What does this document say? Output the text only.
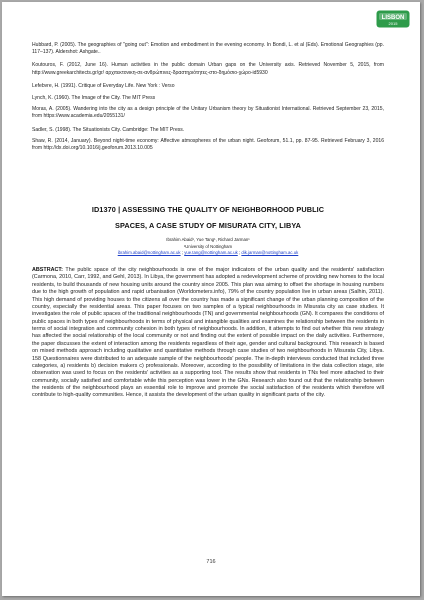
LISBON
2015

Hubbard, P. (2005). The geographies of "going out": Emotion and embodiment in the evening economy. In Bondi, L. et al (Eds). Emotional Geographies (pp. 117–137). Aldershot: Ashgate..

Koutouros, F. (2012, June 16). Human activities in the public domain Urban gaps on the University axis. Retrieved November 5, 2015, from http://www.greekarchitects.gr/gr/ αρχιτεκτονικη-σε-ανθρώπινες-δραστηριότητες-στο-δημόσιο-χώρο-id5930

Lefebvre, H. (1991). Critique of Everyday Life. New York : Verso

Lynch, K. (1960). The Image of the City. The MIT Press

Moras, A. (2005). Wandering into the city as a design principle of the Unitary Urbanism theory by Situationist International. Retrieved September 23, 2015, from https://www.academia.edu/2055131/

Sadler, S. (1998). The Situationists City. Cambridge: The MIT Press.

Shaw, R. (2014, January). Beyond night-time economy: Affective atmospheres of the urban night. Geoforum, 51.1, pp. 87-95. Retrieved February 3, 2016 from http://dx.doi.org/10.1016/j.geoforum.2013.10.005

ID1370 | ASSESSING THE QUALITY OF NEIGHBORHOOD PUBLIC
SPACES, A CASE STUDY OF MISURATA CITY, LIBYA
Ibrahim Abaid¹, Yue Tang¹, Richard Jarman¹
¹University of Nottingham
ibrahim.abaid@nottingham.ac.uk ; yue.tang@nottingham.ac.uk ; dik.jarman@nottingham.ac.uk
ABSTRACT: The public space of the city neighbourhoods is one of the major indicators of the urban quality and the residents' satisfaction (Carmona, 2010, Carr, 1992, and Gehl, 2013). In Libya, the government has adopted a redevelopment scheme of providing new homes to the local residents, to build thousands of new housing units around the country since 2005. This plan was aiming to offset the shortage in housing numbers due to the high growth of population and rapid urbanisation (Worldometers.info), 79% of the country population live in urban areas (Salhin, 2011). This high demand of providing houses to the citizens all over the country has made a significant change of the urban planning composition of the country, especially the residential areas. This paper focuses on two samples of a typical neighbourhoods in Misurata city as case studies. It investigates the role of public spaces of the traditional neighbourhoods (TN) and governmental neighbourhoods (GN). It compares the conditions of public spaces in both types of neighbourhoods in terms of physical and intangible qualities and examines the relationship between the residents in terms of social integration and community cohesion in both types of neighbourhoods. In addition, it attempts to find out whether this new strategy has affected the social relationship of the local community or not and finding out the extent of possible impact on the daily activities. Furthermore, the paper discusses the extent of interaction among the residents regardless of their age, gender and cultural background. This research is based on mixed methods approach including qualitative and quantitative methods through case studies of two neighbourhoods in Misurata City, Libya. 158 Questionnaires were distributed to an adequate sample of the neighbourhoods' people. The in-depth interviews conducted that included three categories, a) residents b) decision makers c) professionals. Moreover, according to the possibility of limitations in the data collection stage, site observation was used to focus on the residents' activities as a supporting tool. The results show that residents in TNs feel more attached to their community, socially satisfied and comfortable while this perception was lower in the GNs. Research also found out that the relationship between the residents of the neighbourhood plays an essential role to improve and promote the social satisfaction of the residents which therefore will contribute to high-quality communities. Hence, it assists the development of the urban quality in significant parts of the city.
716
